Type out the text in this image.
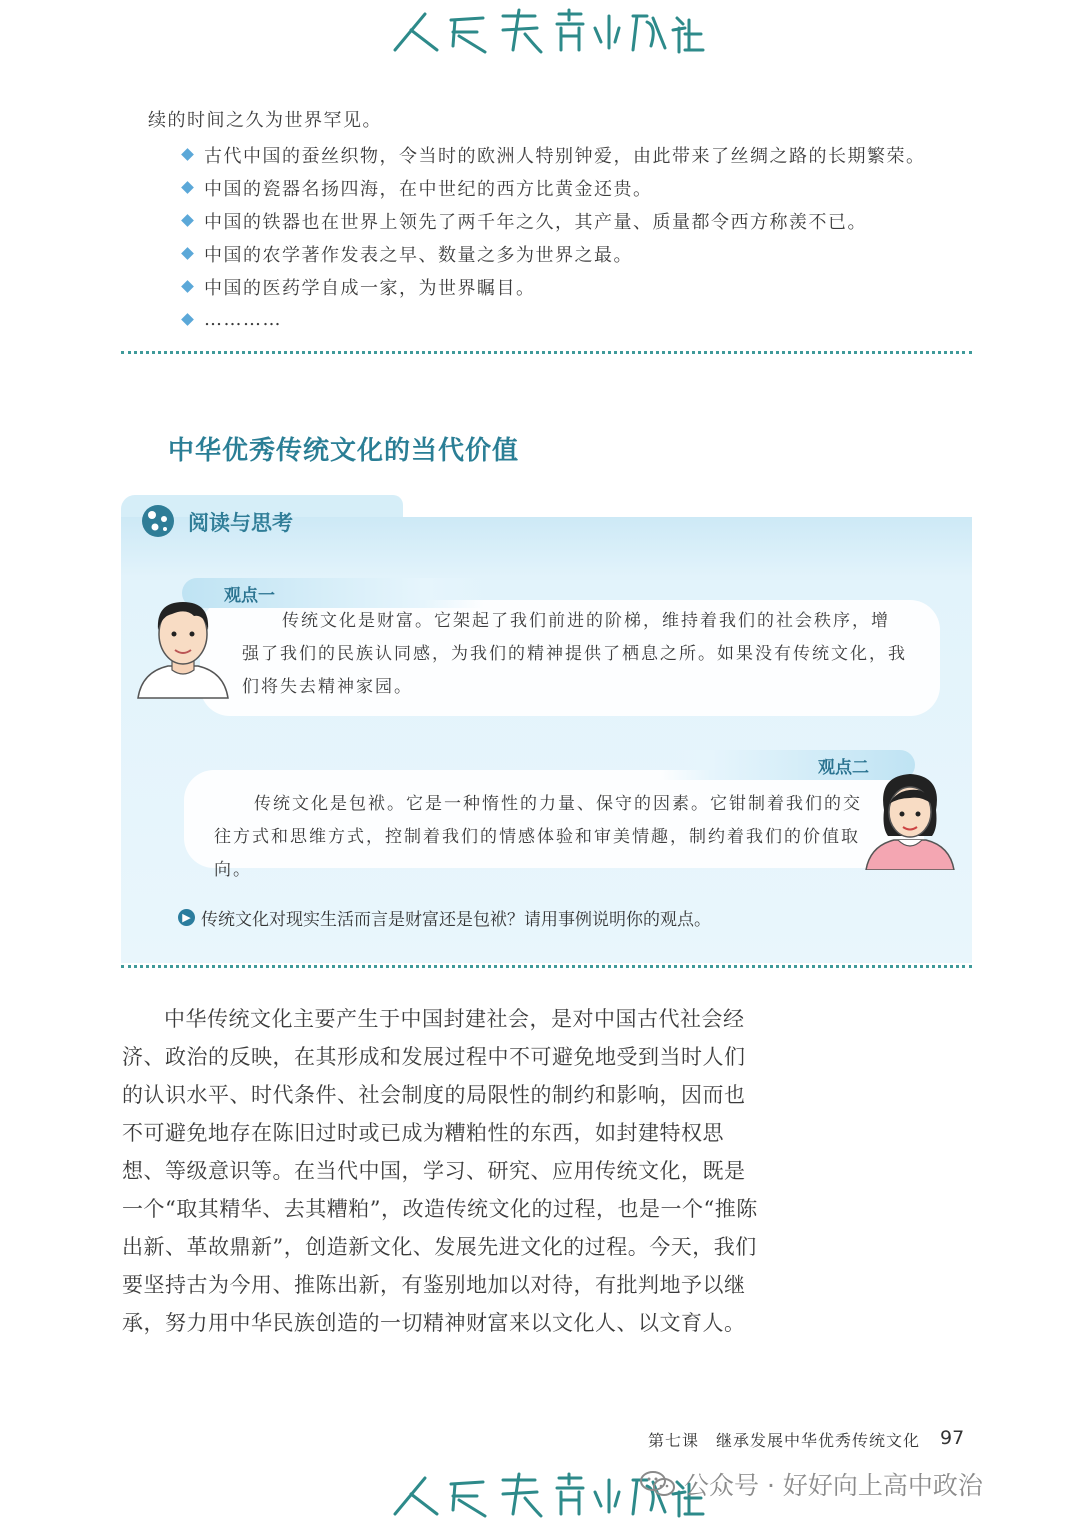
续的时间之久为世界罕见。
古代中国的蚕丝织物，令当时的欧洲人特别钟爱，由此带来了丝绸之路的长期繁荣。
中国的瓷器名扬四海，在中世纪的西方比黄金还贵。
中国的铁器也在世界上领先了两千年之久，其产量、质量都令西方称羡不已。
中国的农学著作发表之早、数量之多为世界之最。
中国的医药学自成一家，为世界瞩目。
…………
中华优秀传统文化的当代价值
阅读与思考
观点一
传统文化是财富。它架起了我们前进的阶梯，维持着我们的社会秩序，增强了我们的民族认同感，为我们的精神提供了栖息之所。如果没有传统文化，我们将失去精神家园。
观点二
传统文化是包袱。它是一种惰性的力量、保守的因素。它钳制着我们的交往方式和思维方式，控制着我们的情感体验和审美情趣，制约着我们的价值取向。
▶ 传统文化对现实生活而言是财富还是包袱？请用事例说明你的观点。
中华传统文化主要产生于中国封建社会，是对中国古代社会经济、政治的反映，在其形成和发展过程中不可避免地受到当时人们的认识水平、时代条件、社会制度的局限性的制约和影响，因而也不可避免地存在陈旧过时或已成为糟粕性的东西，如封建特权思想、等级意识等。在当代中国，学习、研究、应用传统文化，既是一个“取其精华、去其糟粕”，改造传统文化的过程，也是一个“推陈出新、革故鼎新”，创造新文化、发展先进文化的过程。今天，我们要坚持古为今用、推陈出新，有鉴别地加以对待，有批判地予以继承，努力用中华民族创造的一切精神财富来以文化人、以文育人。
第七课　继承发展中华优秀传统文化 97
公众号 · 好好向上高中政治
